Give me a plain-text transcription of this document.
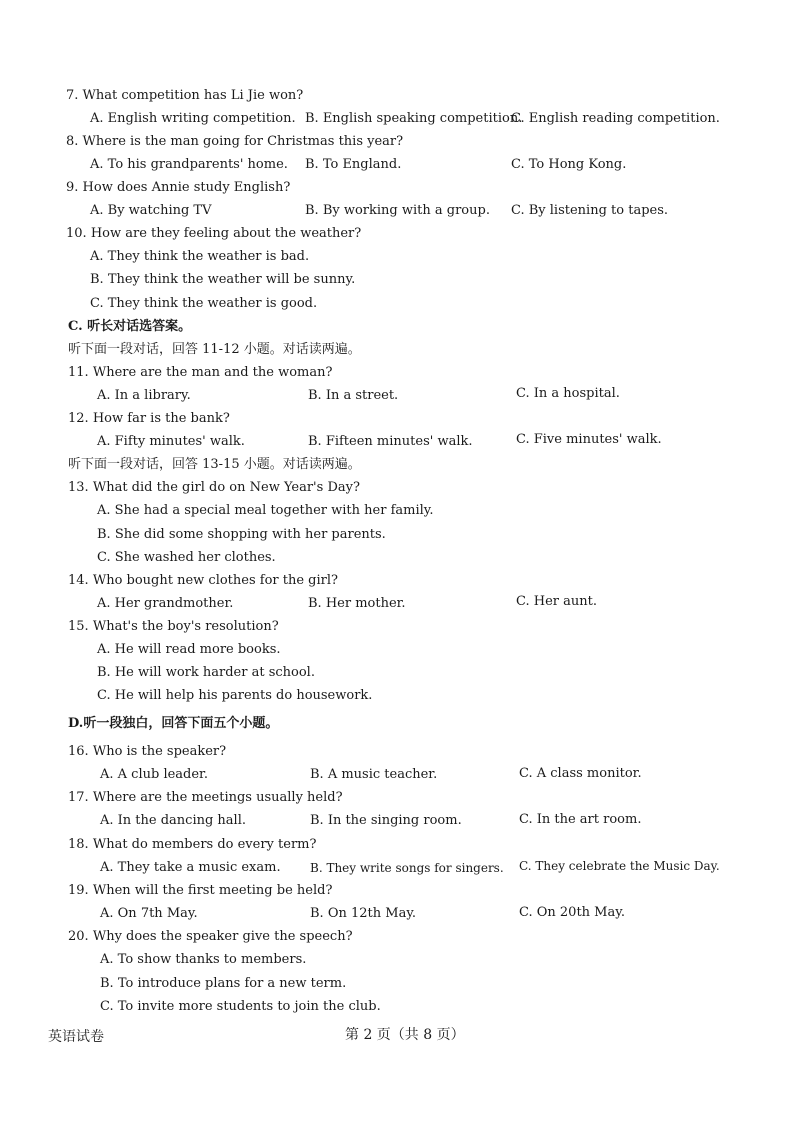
7. What competition has Li Jie won?
A. English writing competition. B. English speaking competition.
C. English reading competition.
8. Where is the man going for Christmas this year?
A. To his grandparents' home. B. To England.	C. To Hong Kong.
9. How does Annie study English?
A. By watching TV	B. By working with a group. C. By listening to tapes.
10. How are they feeling about the weather?
A. They think the weather is bad.
B. They think the weather will be sunny.
C. They think the weather is good.
C. 听长对话选答案。
听下面一段对话，回答 11-12 小题。对话读两遍。
11. Where are the man and the woman?
A. In a library.	B. In a street.	C. In a hospital.
12. How far is the bank?
A. Fifty minutes' walk.	B. Fifteen minutes' walk.	C. Five minutes' walk.
听下面一段对话，回答 13-15 小题。对话读两遍。
13. What did the girl do on New Year's Day?
A. She had a special meal together with her family.
B. She did some shopping with her parents.
C. She washed her clothes.
14. Who bought new clothes for the girl?
A. Her grandmother.	B. Her mother.	C. Her aunt.
15. What's the boy's resolution?
A. He will read more books.
B. He will work harder at school.
C. He will help his parents do housework.
D.听一段独白，回答下面五个小题。
16. Who is the speaker?
A. A club leader.	B. A music teacher.	C. A class monitor.
17. Where are the meetings usually held?
A. In the dancing hall.	B. In the singing room.	C. In the art room.
18. What do members do every term?
A. They take a music exam. B. They write songs for singers. C. They celebrate the Music Day.
19. When will the first meeting be held?
A. On 7th May.	B. On 12th May.	C. On 20th May.
20. Why does the speaker give the speech?
A. To show thanks to members.
B. To introduce plans for a new term.
C. To invite more students to join the club.
英语试卷	第 2 页（共 8 页）
